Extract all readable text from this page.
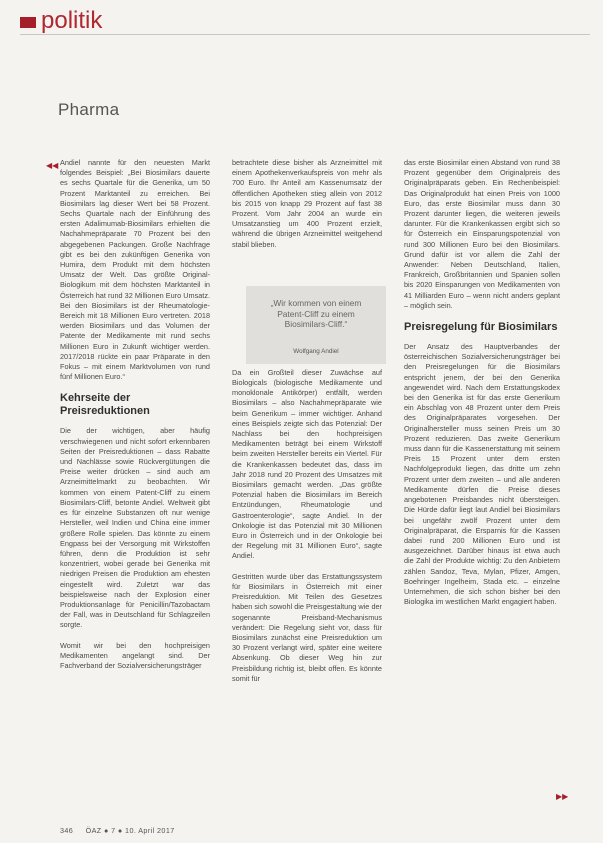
politik
Pharma
◀◀ Andiel nannte für den neuesten Markt folgendes Beispiel: „Bei Biosimilars dauerte es sechs Quartale für die Generika, um 50 Prozent Marktanteil zu erreichen. Bei Biosimilars lag dieser Wert bei 58 Prozent. Sechs Quartale nach der Einführung des ersten Adalimumab-Biosimilars erhielten die Nachahmepräparate 70 Prozent bei den abgegebenen Packungen. Große Nachfrage gibt es bei den zukünftigen Generika von Humira, dem Produkt mit dem höchsten Umsatz der Welt. Das größte Original-Biologikum mit dem höchsten Marktanteil in Österreich hat rund 32 Millionen Euro Umsatz. Bei den Biosimilars ist der Rheumatologie-Bereich mit 18 Millionen Euro vertreten. 2018 werden Biosimilars und das Volumen der Patente der Medikamente mit rund sechs Millionen Euro in Zukunft wichtiger werden. 2017/2018 rückte ein paar Präparate in den Fokus – mit einem Marktvolumen von rund fünf Millionen Euro.“

Kehrseite der Preisreduktionen

Die der wichtigen, aber häufig verschwiegenen und nicht sofort erkennbaren Seiten der Preisreduktionen – dass Rabatte und Nachlässe sowie Rückvergütungen die Preise weiter drücken – sind auch am Arzneimittelmarkt zu beobachten. Wir kommen von einem Patent-Cliff zu einem Biosimilars-Cliff, betonte Andiel. Weltweit gibt es für einzelne Substanzen oft nur wenige Hersteller, weil Indien und China eine immer größere Rolle spielen. Das könnte zu einem Engpass bei der Versorgung mit Wirkstoffen führen, denn die Produktion ist sehr konzentriert, wobei gerade bei Generika mit niedrigen Preisen die Produktion am ehesten eingestellt wird. Zuletzt war das beispielsweise nach der Explosion einer Produktionsanlage für Penicillin/Tazobactam der Fall, was in Deutschland für Schlagzeilen sorgte.

Womit wir bei den hochpreisigen Medikamenten angelangt sind. Der Fachverband der Sozialversicherungsträger

betrachtete diese bisher als Arzneimittel mit einem Apothekenverkaufspreis von mehr als 700 Euro. Ihr Anteil am Kassenumsatz der öffentlichen Apotheken stieg allein von 2012 bis 2015 von knapp 29 Prozent auf fast 38 Prozent. Vom Jahr 2004 an wurde ein Umsatzanstieg um 400 Prozent erzielt, während die übrigen Arzneimittel weitgehend stabil blieben.

Da ein Großteil dieser Zuwächse auf Biologicals (biologische Medikamente und monoklonale Antikörper) entfällt, werden Biosimilars – also Nachahmepräparate wie beim Generikum – immer wichtiger. Anhand eines Beispiels zeigte sich das Potenzial: Der Nachlass bei den hochpreisigen Medikamenten beträgt bei einem Wirkstoff beim zweiten Hersteller bereits ein Viertel. Für die Krankenkassen bedeutet das, dass im Jahr 2018 rund 20 Prozent des Umsatzes mit Biosimilars gemacht werden. „Das größte Potenzial haben die Biosimilars im Bereich Entzündungen, Rheumatologie und Gastroenterologie“, sagte Andiel. In der Onkologie ist das Potenzial mit 30 Millionen Euro in Österreich und in der Onkologie bei der Regelung mit 31 Millionen Euro“, sagte Andiel.

Gestritten wurde über das Erstattungssystem für Biosimilars in Österreich mit einer Preisreduktion. Mit Teilen des Gesetzes haben sich sowohl die Preisgestaltung wie der sogenannte Preisband-Mechanismus verändert: Die Regelung sieht vor, dass für Biosimilars zunächst eine Preisreduktion um 30 Prozent verlangt wird, später eine weitere Absenkung. Ob dieser Weg hin zur Preisbildung richtig ist, bleibt offen. Es könnte somit für

das erste Biosimilar einen Abstand von rund 38 Prozent gegenüber dem Originalpreis des Originalpräparats geben. Ein Rechenbeispiel: Das Originalprodukt hat einen Preis von 1000 Euro, das erste Biosimilar muss dann 30 Prozent darunter liegen, die weiteren jeweils darunter. Für die Krankenkassen ergibt sich so für Österreich ein Einsparungspotenzial von rund 300 Millionen Euro bei den Biosimilars. Grund dafür ist vor allem die Zahl der Anwender: Neben Deutschland, Italien, Frankreich, Großbritannien und Spanien sollen bis 2020 Einsparungen von Medikamenten von 41 Milliarden Euro – wenn nicht anders geplant – möglich sein.

Preisregelung für Biosimilars

Der Ansatz des Hauptverbandes der österreichischen Sozialversicherungsträger bei den Preisregelungen für die Biosimilars entspricht jenem, der bei den Generika angewendet wird. Nach dem Erstattungskodex bei den Generika ist für das erste Generikum ein Abschlag von 48 Prozent unter dem Preis des Originalpräparates vorgesehen. Der Originalhersteller muss seinen Preis um 30 Prozent reduzieren. Das zweite Generikum muss dann für die Kassenerstattung mit seinem Preis 15 Prozent unter dem ersten Nachfolgeprodukt liegen, das dritte um zehn Prozent unter dem zweiten – und alle anderen Medikamente dürfen die Preise dieses angebotenen Preisbandes nicht übersteigen. Die Hürde dafür liegt laut Andiel bei Biosimilars bei ungefähr zwölf Prozent unter dem Originalpräparat, die Ersparnis für die Kassen dabei rund 200 Millionen Euro und ist ausgezeichnet. Darüber hinaus ist etwa auch die Zahl der Produkte wichtig: Zu den Anbietern zählen Sandoz, Teva, Mylan, Pfizer, Amgen, Boehringer Ingelheim, Stada etc. – einzelne Unternehmen, die sich schon bisher bei den Biologika im westlichen Markt engagiert haben.

„Wir kommen von einem Patent-Cliff zu einem Biosimilars-Cliff.“
Wolfgang Andiel
▶▶
346 ÖAZ ● 7 ● 10. April 2017
